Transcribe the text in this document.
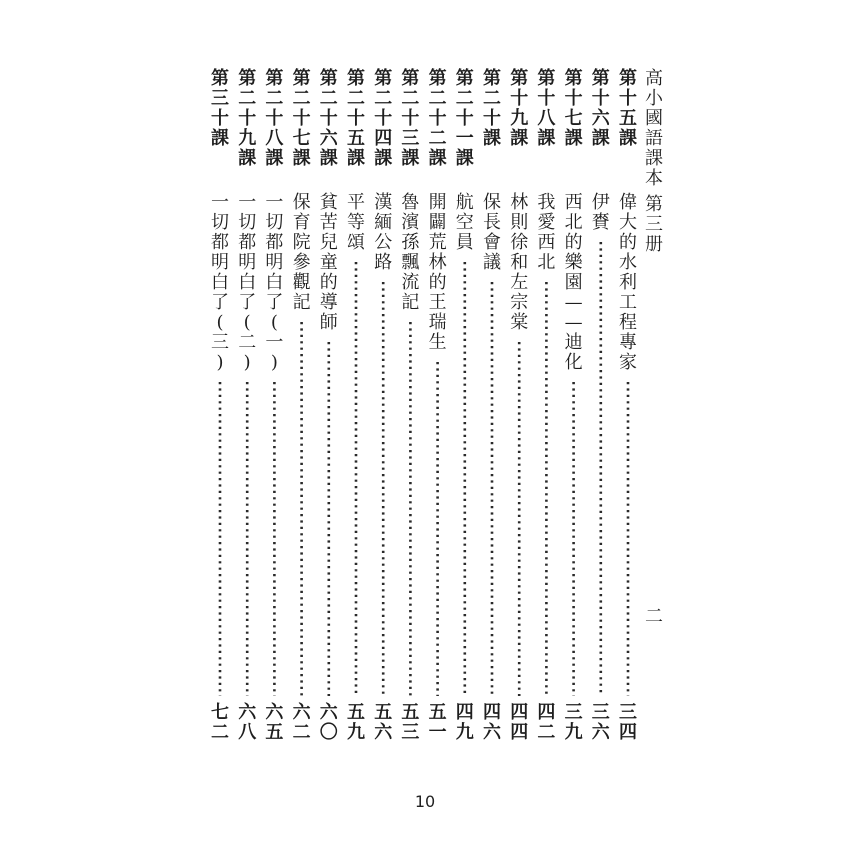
第
十
五
課
偉
大
的
水
利
工
程
專
家
三
四
第
十
六
課
伊
賚
三
六
第
十
七
課
西
北
的
樂
園
—
—
迪
化
三
九
第
十
八
課
我
愛
西
北
四
二
第
十
九
課
林
則
徐
和
左
宗
棠
四
四
第
二
十
課
保
長
會
議
四
六
第
二
十
一
課
航
空
員
四
九
第
二
十
二
課
開
闢
荒
林
的
王
瑞
生
五
一
第
二
十
三
課
魯
濱
孫
飄
流
記
五
三
第
二
十
四
課
漢
緬
公
路
五
六
第
二
十
五
課
平
等
頌
五
九
第
二
十
六
課
貧
苦
兒
童
的
導
師
六
〇
第
二
十
七
課
保
育
院
參
觀
記
六
二
第
二
十
八
課
一
切
都
明
白
了
(
一
)
六
五
第
二
十
九
課
一
切
都
明
白
了
(
二
)
六
八
第
三
十
課
一
切
都
明
白
了
(
三
)
七
二
高
小
國
語
課
本
第
三
册
二
10
